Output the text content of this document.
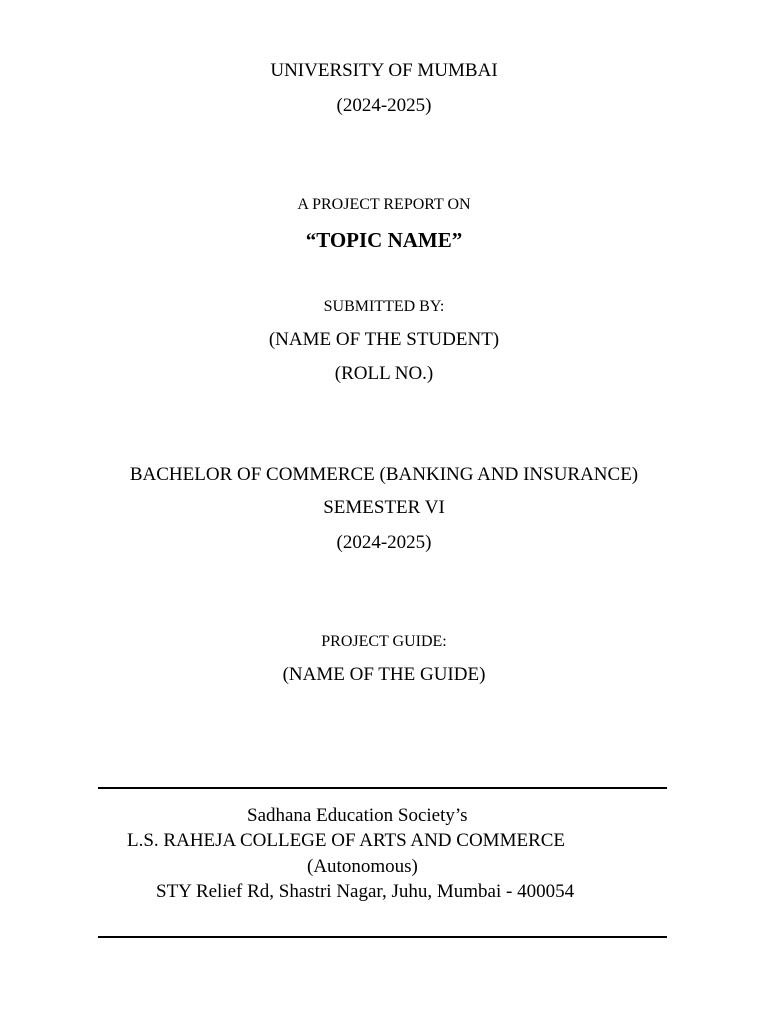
UNIVERSITY OF MUMBAI
(2024-2025)
A PROJECT REPORT ON
“TOPIC NAME”
SUBMITTED BY:
(NAME OF THE STUDENT)
(ROLL NO.)
BACHELOR OF COMMERCE (BANKING AND INSURANCE)
SEMESTER VI
(2024-2025)
PROJECT GUIDE:
(NAME OF THE GUIDE)
Sadhana Education Society’s
L.S. RAHEJA COLLEGE OF ARTS AND COMMERCE
(Autonomous)
STY Relief Rd, Shastri Nagar, Juhu, Mumbai - 400054
